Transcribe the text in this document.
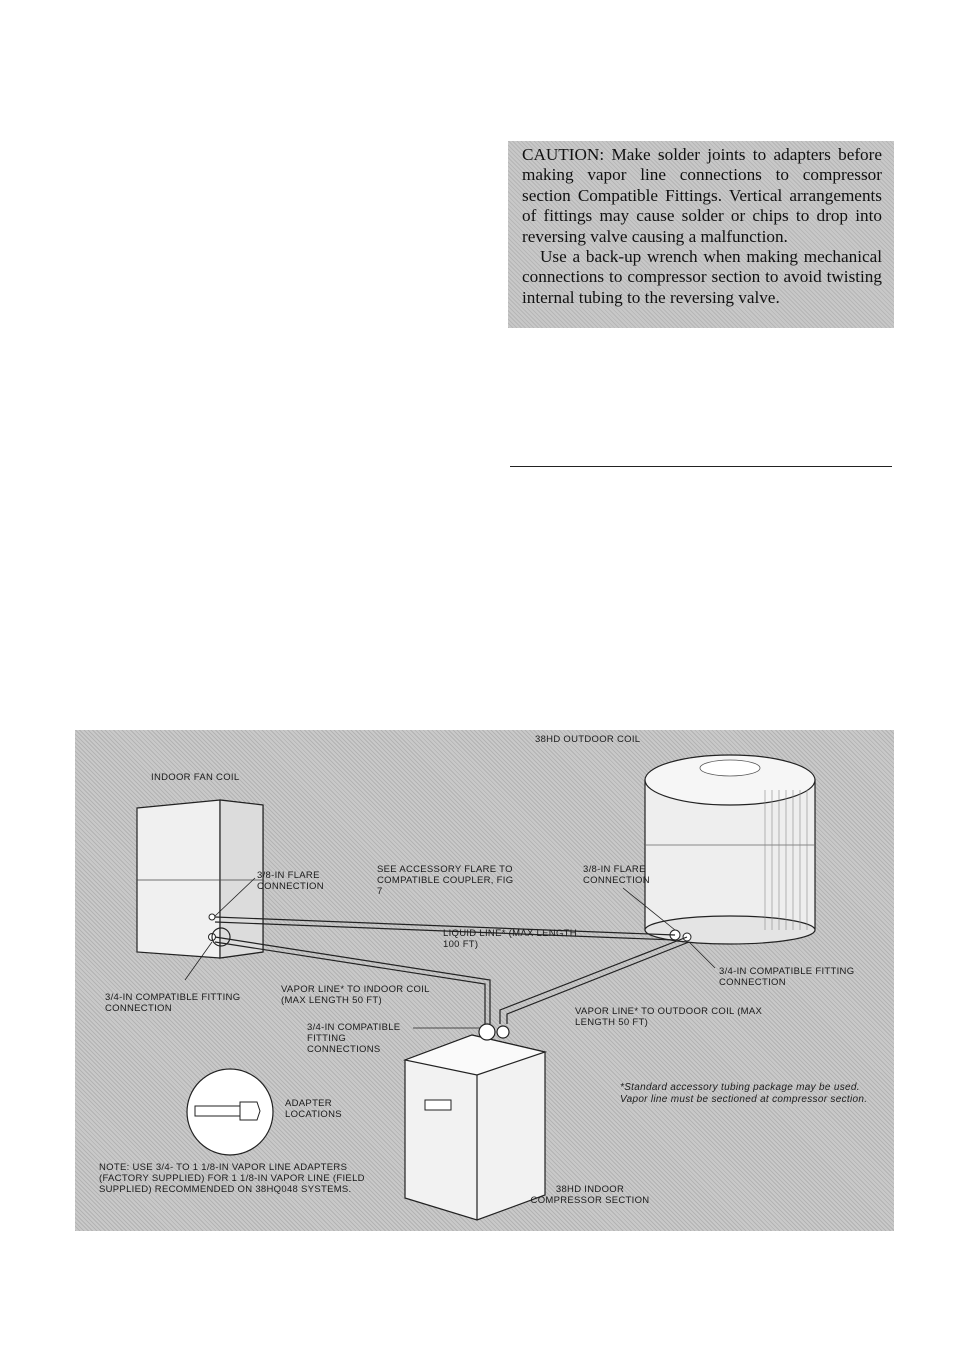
CAUTION: Make solder joints to adapters before making vapor line connections to compressor section Compatible Fittings. Vertical arrangements of fittings may cause solder or chips to drop into reversing valve causing a malfunction.

Use a back-up wrench when making mechanical connections to compressor section to avoid twisting internal tubing to the reversing valve.

38HD OUTDOOR COIL
INDOOR FAN COIL
3/8-IN FLARE CONNECTION
SEE ACCESSORY FLARE TO COMPATIBLE COUPLER, FIG 7
3/8-IN FLARE CONNECTION
LIQUID LINE* (MAX LENGTH 100 FT)
3/4-IN COMPATIBLE FITTING CONNECTION
3/4-IN COMPATIBLE FITTING CONNECTION
VAPOR LINE* TO INDOOR COIL (MAX LENGTH 50 FT)
VAPOR LINE* TO OUTDOOR COIL (MAX LENGTH 50 FT)
3/4-IN COMPATIBLE FITTING CONNECTIONS
ADAPTER LOCATIONS
*Standard accessory tubing package may be used. Vapor line must be sectioned at compressor section.
NOTE: USE 3/4- TO 1 1/8-IN VAPOR LINE ADAPTERS (FACTORY SUPPLIED) FOR 1 1/8-IN VAPOR LINE (FIELD SUPPLIED) RECOMMENDED ON 38HQ048 SYSTEMS.	38HD INDOOR COMPRESSOR SECTION
